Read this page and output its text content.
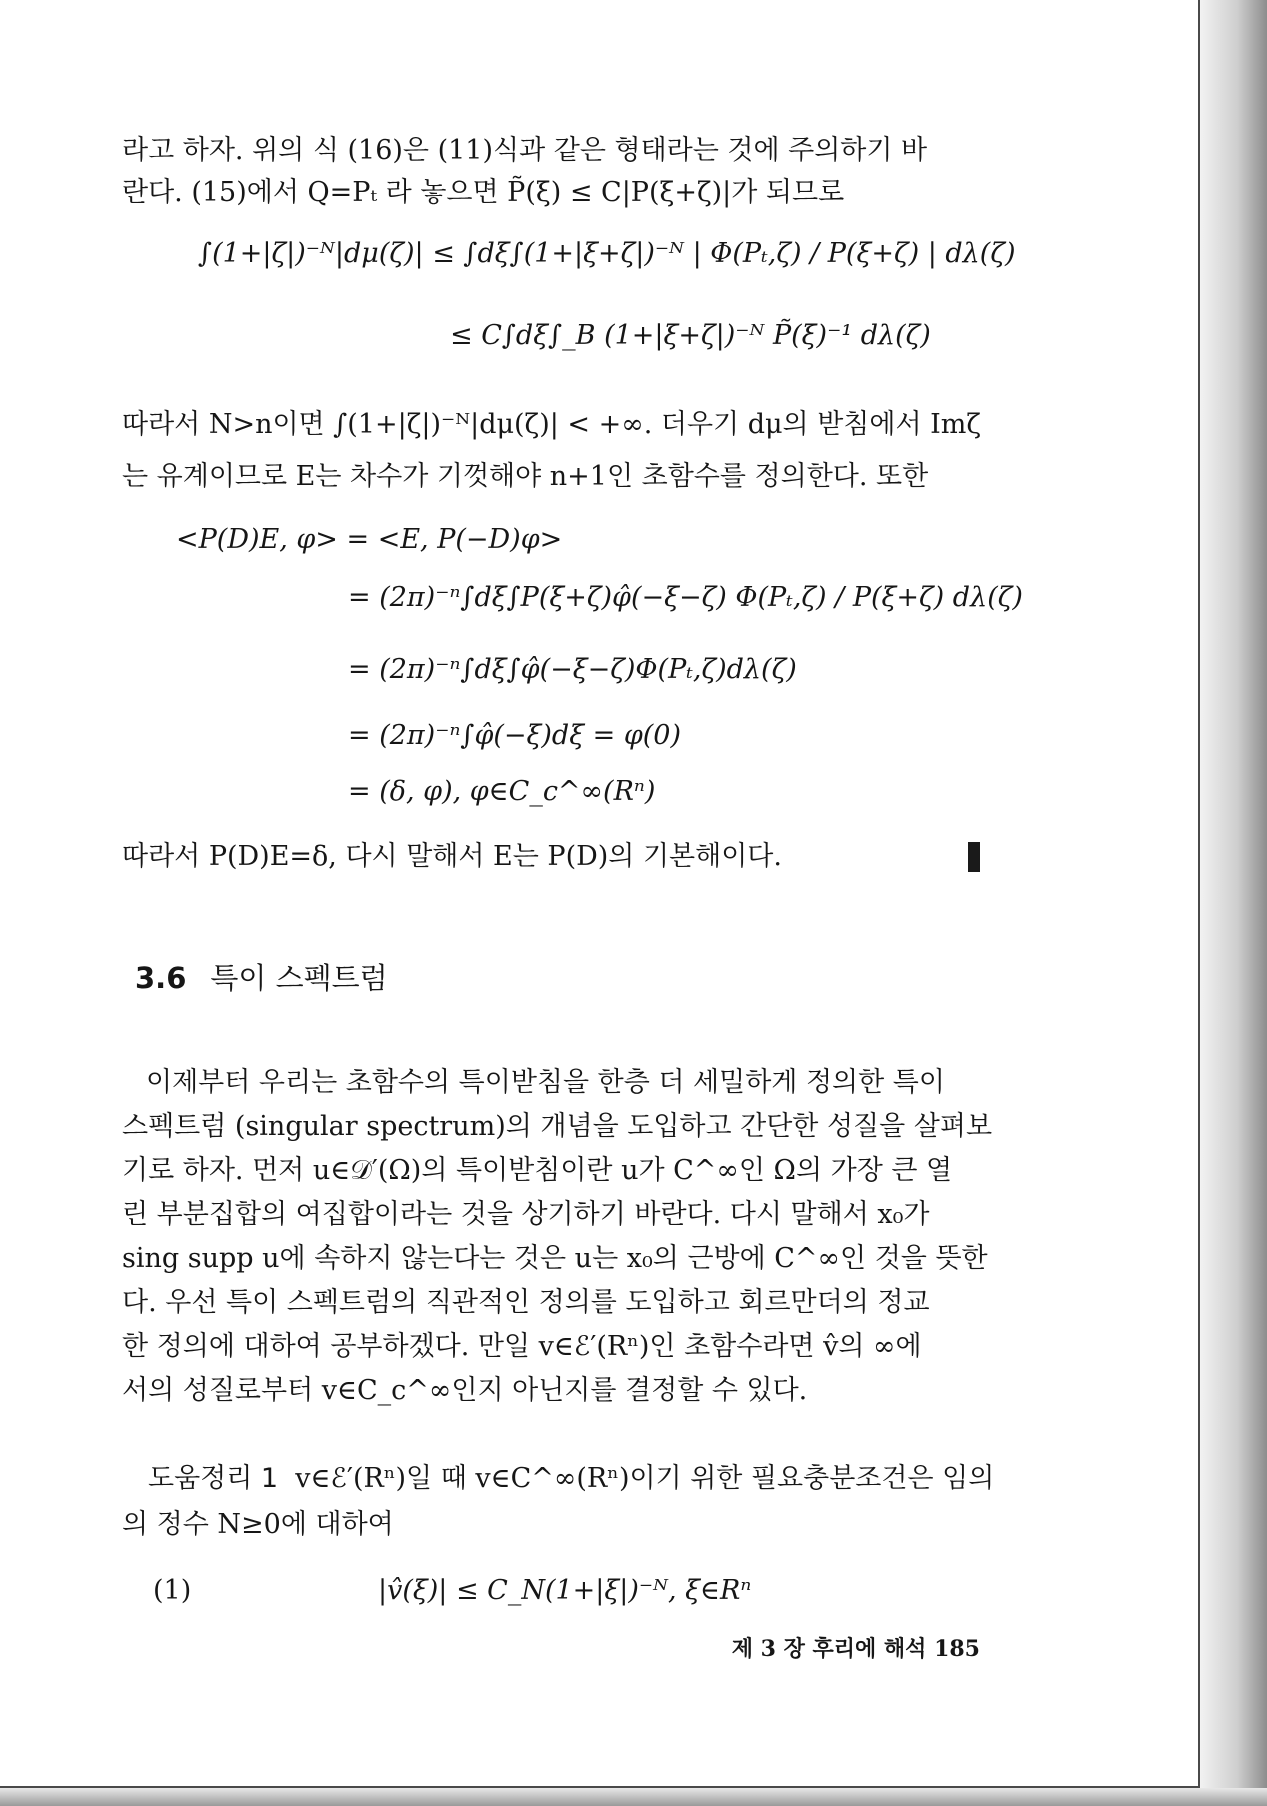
라고 하자. 위의 식 (16)은 (11)식과 같은 형태라는 것에 주의하기 바

란다. (15)에서 Q=Pₜ 라 놓으면 P̃(ξ) ≤ C|P(ξ+ζ)|가 되므로

∫(1+|ζ|)⁻ᴺ|dμ(ζ)| ≤ ∫dξ∫(1+|ξ+ζ|)⁻ᴺ | Φ(Pₜ,ζ) / P(ξ+ζ) | dλ(ζ)

≤ C∫dξ∫_B (1+|ξ+ζ|)⁻ᴺ P̃(ξ)⁻¹ dλ(ζ)

따라서 N>n이면 ∫(1+|ζ|)⁻ᴺ|dμ(ζ)| < +∞. 더우기 dμ의 받침에서 Imζ

는 유계이므로 E는 차수가 기껏해야 n+1인 초함수를 정의한다. 또한

<P(D)E, φ> = <E, P(−D)φ>

= (2π)⁻ⁿ∫dξ∫P(ξ+ζ)φ̂(−ξ−ζ) Φ(Pₜ,ζ) / P(ξ+ζ) dλ(ζ)

= (2π)⁻ⁿ∫dξ∫φ̂(−ξ−ζ)Φ(Pₜ,ζ)dλ(ζ)

= (2π)⁻ⁿ∫φ̂(−ξ)dξ = φ(0)

= (δ, φ), φ∈C_c^∞(Rⁿ)

따라서 P(D)E=δ, 다시 말해서 E는 P(D)의 기본해이다.

3.6 특이 스펙트럼

이제부터 우리는 초함수의 특이받침을 한층 더 세밀하게 정의한 특이

스펙트럼 (singular spectrum)의 개념을 도입하고 간단한 성질을 살펴보

기로 하자. 먼저 u∈𝒟′(Ω)의 특이받침이란 u가 C^∞인 Ω의 가장 큰 열

린 부분집합의 여집합이라는 것을 상기하기 바란다. 다시 말해서 x₀가

sing supp u에 속하지 않는다는 것은 u는 x₀의 근방에 C^∞인 것을 뜻한

다. 우선 특이 스펙트럼의 직관적인 정의를 도입하고 회르만더의 정교

한 정의에 대하여 공부하겠다. 만일 v∈ℰ′(Rⁿ)인 초함수라면 v̂의 ∞에

서의 성질로부터 v∈C_c^∞인지 아닌지를 결정할 수 있다.

도움정리 1 v∈ℰ′(Rⁿ)일 때 v∈C^∞(Rⁿ)이기 위한 필요충분조건은 임의

의 정수 N≥0에 대하여

(1)	|v̂(ξ)| ≤ C_N(1+|ξ|)⁻ᴺ, ξ∈Rⁿ

제 3 장 후리에 해석 185
